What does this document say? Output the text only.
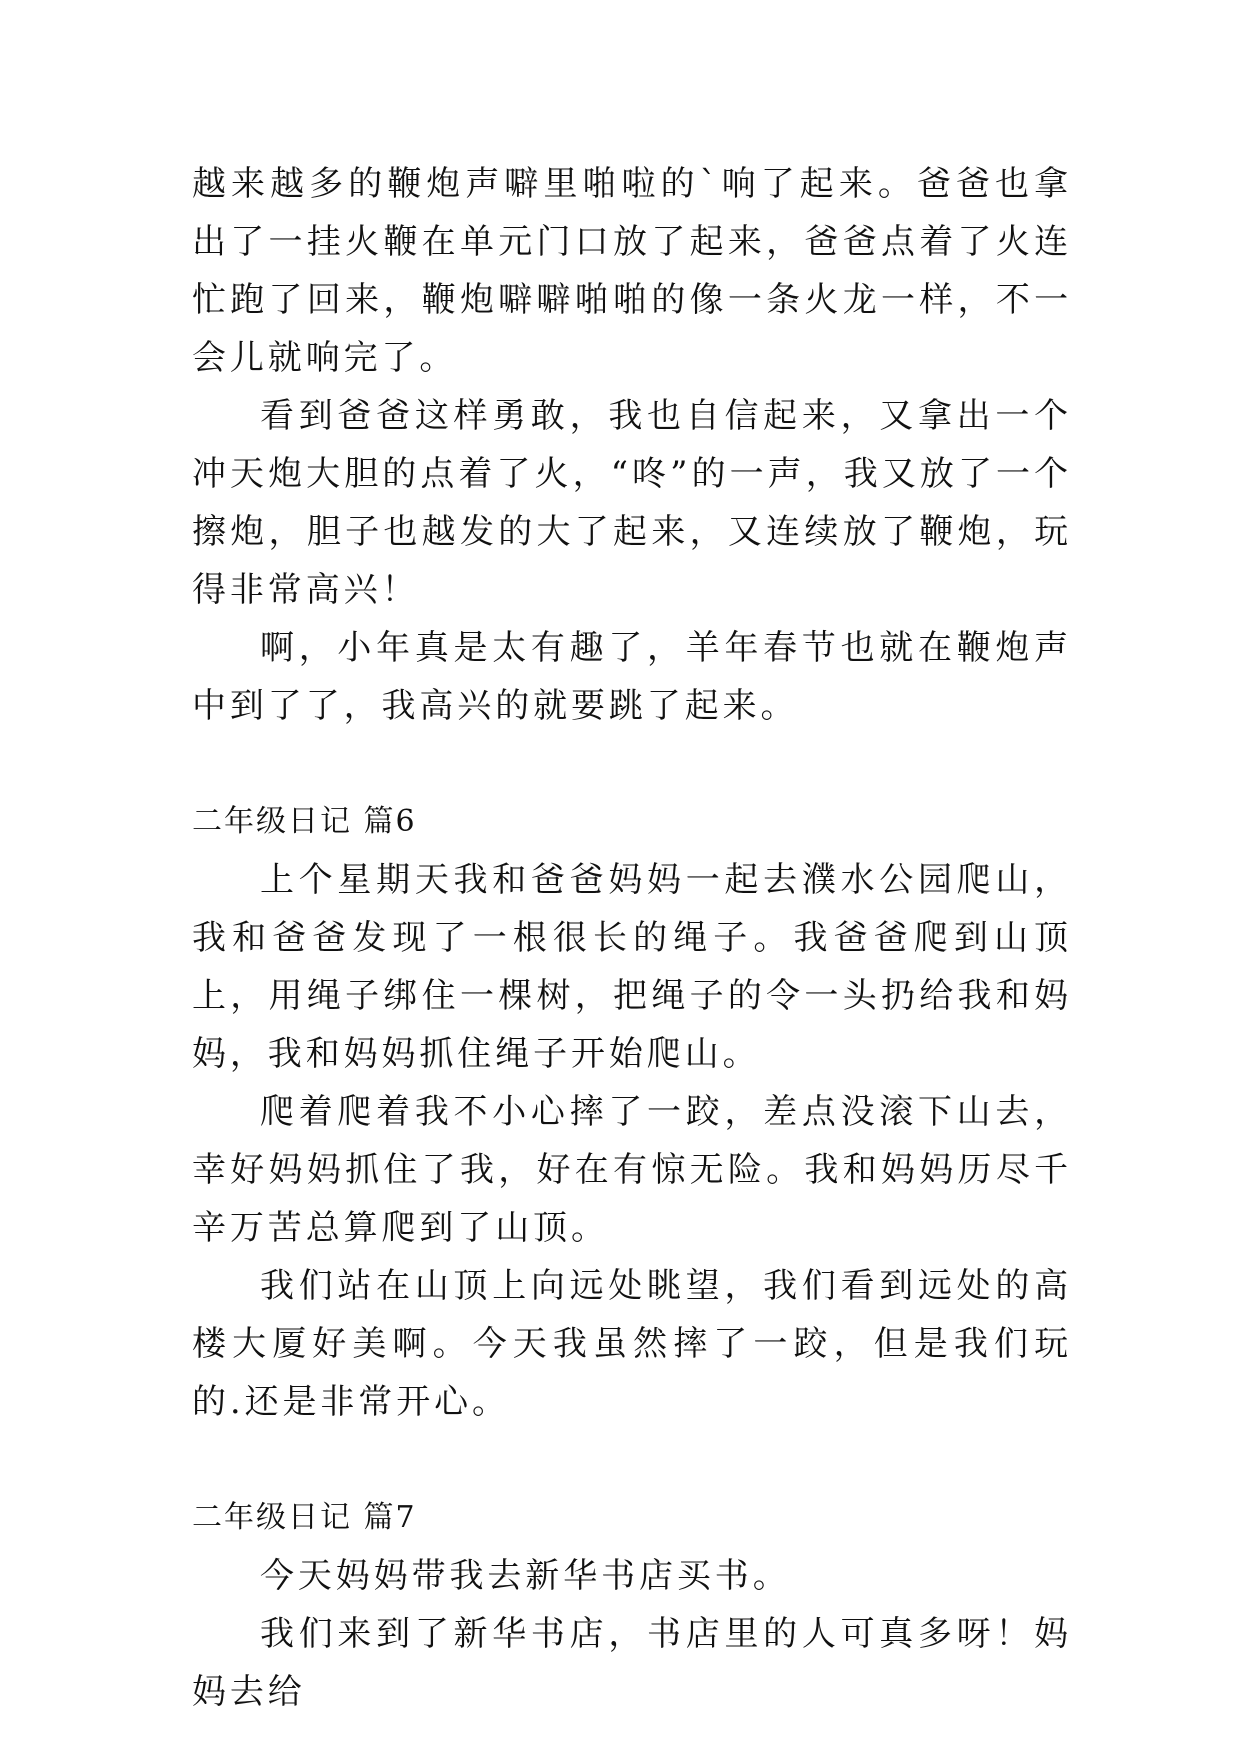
越来越多的鞭炮声噼里啪啦的`响了起来。爸爸也拿出了一挂火鞭在单元门口放了起来，爸爸点着了火连忙跑了回来，鞭炮噼噼啪啪的像一条火龙一样，不一会儿就响完了。

看到爸爸这样勇敢，我也自信起来，又拿出一个冲天炮大胆的点着了火，“咚”的一声，我又放了一个擦炮，胆子也越发的大了起来，又连续放了鞭炮，玩得非常高兴！

啊，小年真是太有趣了，羊年春节也就在鞭炮声中到了了，我高兴的就要跳了起来。

二年级日记 篇6

上个星期天我和爸爸妈妈一起去濮水公园爬山，我和爸爸发现了一根很长的绳子。我爸爸爬到山顶上，用绳子绑住一棵树，把绳子的令一头扔给我和妈妈，我和妈妈抓住绳子开始爬山。

爬着爬着我不小心摔了一跤，差点没滚下山去，幸好妈妈抓住了我，好在有惊无险。我和妈妈历尽千辛万苦总算爬到了山顶。

我们站在山顶上向远处眺望，我们看到远处的高楼大厦好美啊。今天我虽然摔了一跤，但是我们玩的.还是非常开心。

二年级日记 篇7

今天妈妈带我去新华书店买书。

我们来到了新华书店，书店里的人可真多呀！妈妈去给
